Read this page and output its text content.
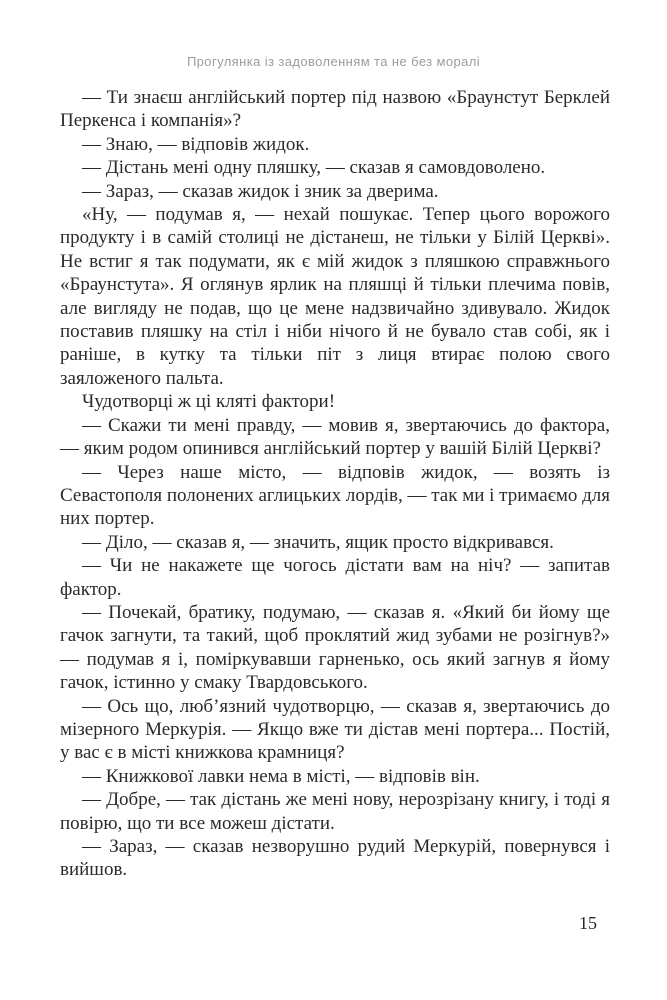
Прогулянка із задоволенням та не без моралі

— Ти знаєш англійський портер під назвою «Браунстут Берклей Перкенса і компанія»?

— Знаю, — відповів жидок.

— Дістань мені одну пляшку, — сказав я самовдоволено.

— Зараз, — сказав жидок і зник за дверима.

«Ну, — подумав я, — нехай пошукає. Тепер цього ворожого продукту і в самій столиці не дістанеш, не тільки у Білій Церкві». Не встиг я так подумати, як є мій жидок з пляшкою справжнього «Браунстута». Я оглянув ярлик на пляшці й тільки плечима повів, але вигляду не подав, що це мене надзвичайно здивувало. Жидок поставив пляшку на стіл і ніби нічого й не бувало став собі, як і раніше, в кутку та тільки піт з лиця втирає полою свого заяложеного пальта.

Чудотворці ж ці кляті фактори!

— Скажи ти мені правду, — мовив я, звертаючись до фактора, — яким родом опинився англійський портер у вашій Білій Церкві?

— Через наше місто, — відповів жидок, — возять із Севастополя полонених аглицьких лордів, — так ми і тримаємо для них портер.

— Діло, — сказав я, — значить, ящик просто відкривався.

— Чи не накажете ще чогось дістати вам на ніч? — запитав фактор.

— Почекай, братику, подумаю, — сказав я. «Який би йому ще гачок загнути, та такий, щоб проклятий жид зубами не розігнув?» — подумав я і, поміркувавши гарненько, ось який загнув я йому гачок, істинно у смаку Твардовського.

— Ось що, люб’язний чудотворцю, — сказав я, звертаючись до мізерного Меркурія. — Якщо вже ти дістав мені портера... Постій, у вас є в місті книжкова крамниця?

— Книжкової лавки нема в місті, — відповів він.

— Добре, — так дістань же мені нову, нерозрізану книгу, і тоді я повірю, що ти все можеш дістати.

— Зараз, — сказав незворушно рудий Меркурій, повернувся і вийшов.

15
